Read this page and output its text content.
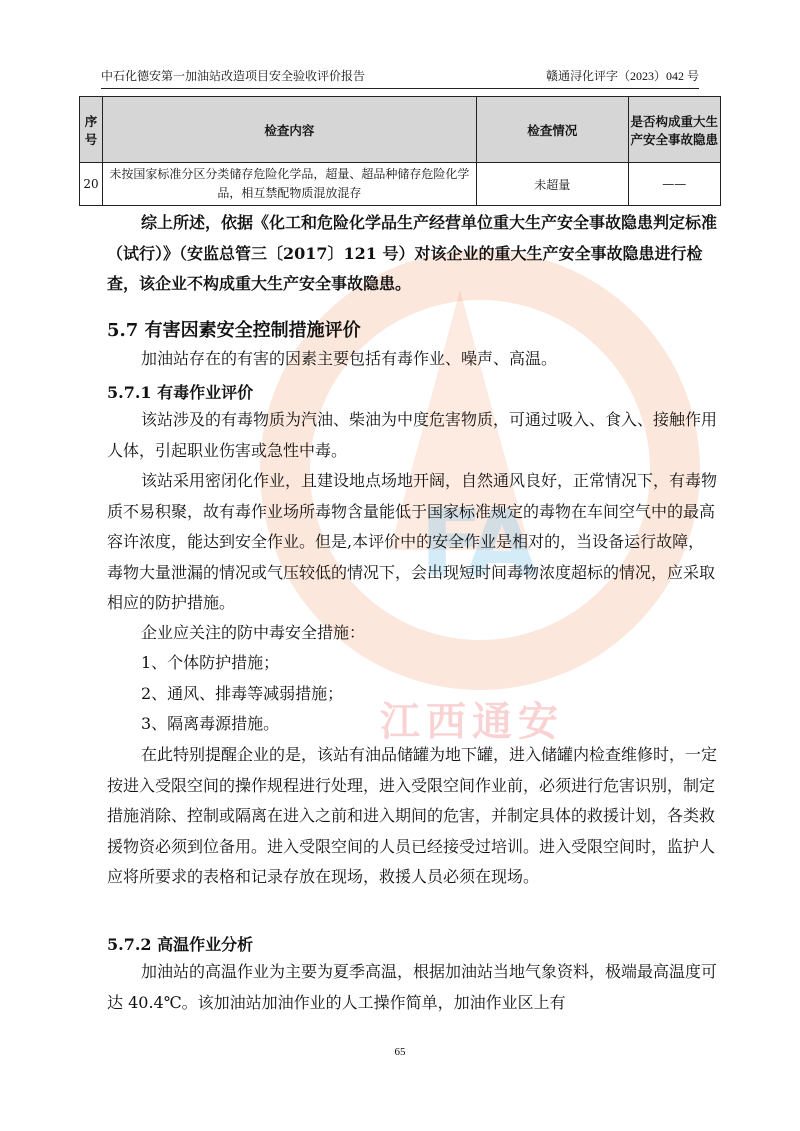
FA
江西通安
中石化德安第一加油站改造项目安全验收评价报告	赣通浔化评字（2023）042 号
序号	检查内容	检查情况	是否构成重大生产安全事故隐患
20	未按国家标准分区分类储存危险化学品，超量、超品种储存危险化学品，相互禁配物质混放混存	未超量	——

综上所述，依据《化工和危险化学品生产经营单位重大生产安全事故隐患判定标准（试行）》（安监总管三〔2017〕121 号）对该企业的重大生产安全事故隐患进行检查，该企业不构成重大生产安全事故隐患。

5.7 有害因素安全控制措施评价

加油站存在的有害的因素主要包括有毒作业、噪声、高温。

5.7.1 有毒作业评价

该站涉及的有毒物质为汽油、柴油为中度危害物质，可通过吸入、食入、接触作用人体，引起职业伤害或急性中毒。

该站采用密闭化作业，且建设地点场地开阔，自然通风良好，正常情况下，有毒物质不易积聚，故有毒作业场所毒物含量能低于国家标准规定的毒物在车间空气中的最高容许浓度，能达到安全作业。但是,本评价中的安全作业是相对的，当设备运行故障，毒物大量泄漏的情况或气压较低的情况下，会出现短时间毒物浓度超标的情况，应采取相应的防护措施。

企业应关注的防中毒安全措施：

1、个体防护措施；

2、通风、排毒等减弱措施；

3、隔离毒源措施。

在此特别提醒企业的是，该站有油品储罐为地下罐，进入储罐内检查维修时，一定按进入受限空间的操作规程进行处理，进入受限空间作业前，必须进行危害识别，制定措施消除、控制或隔离在进入之前和进入期间的危害，并制定具体的救援计划，各类救援物资必须到位备用。进入受限空间的人员已经接受过培训。进入受限空间时，监护人应将所要求的表格和记录存放在现场，救援人员必须在现场。

5.7.2 高温作业分析

加油站的高温作业为主要为夏季高温，根据加油站当地气象资料，极端最高温度可达 40.4℃。该加油站加油作业的人工操作简单，加油作业区上有

65
